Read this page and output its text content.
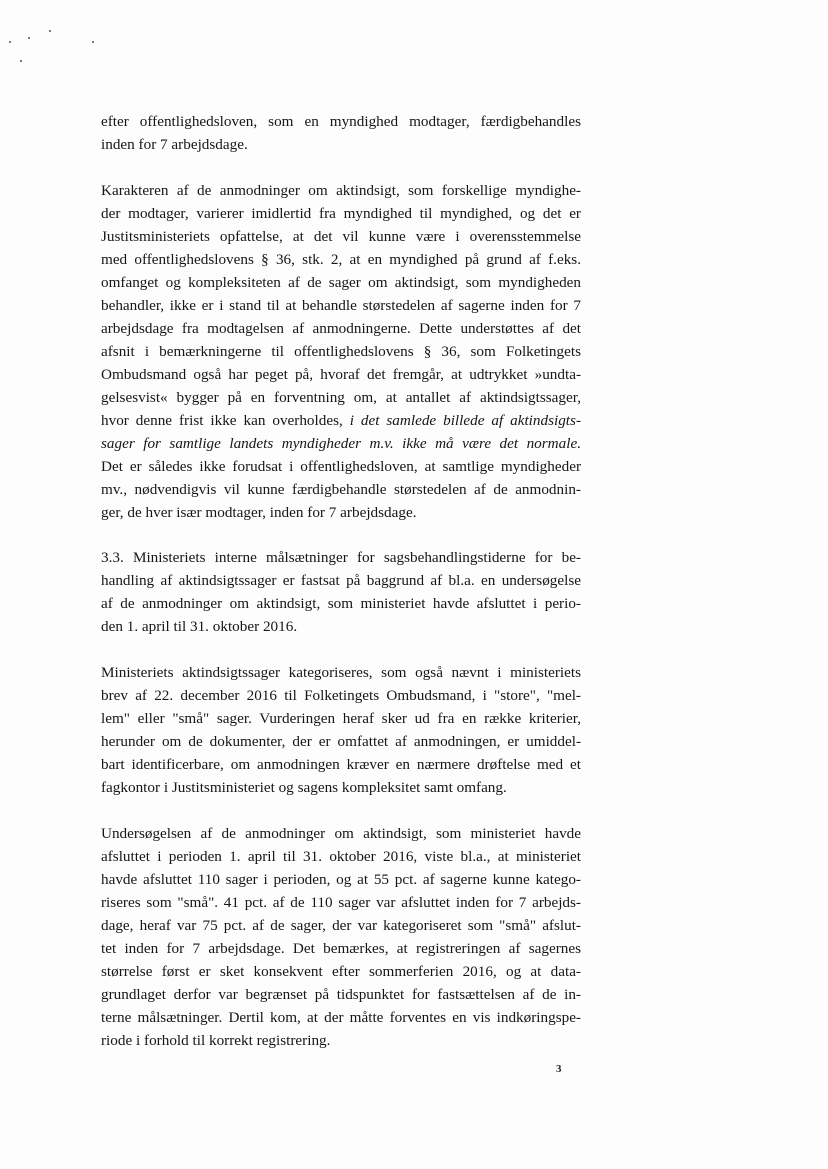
efter offentlighedsloven, som en myndighed modtager, færdigbehandles
inden for 7 arbejdsdage.
Karakteren af de anmodninger om aktindsigt, som forskellige myndighe-
der modtager, varierer imidlertid fra myndighed til myndighed, og det er
Justitsministeriets opfattelse, at det vil kunne være i overensstemmelse
med offentlighedslovens § 36, stk. 2, at en myndighed på grund af f.eks.
omfanget og kompleksiteten af de sager om aktindsigt, som myndigheden
behandler, ikke er i stand til at behandle størstedelen af sagerne inden for 7
arbejdsdage fra modtagelsen af anmodningerne. Dette understøttes af det
afsnit i bemærkningerne til offentlighedslovens § 36, som Folketingets
Ombudsmand også har peget på, hvoraf det fremgår, at udtrykket »undta-
gelsesvist« bygger på en forventning om, at antallet af aktindsigtssager,
hvor denne frist ikke kan overholdes, i det samlede billede af aktindsigts-
sager for samtlige landets myndigheder m.v. ikke må være det normale.
Det er således ikke forudsat i offentlighedsloven, at samtlige myndigheder
mv., nødvendigvis vil kunne færdigbehandle størstedelen af de anmodnin-
ger, de hver især modtager, inden for 7 arbejdsdage.
3.3. Ministeriets interne målsætninger for sagsbehandlingstiderne for be-
handling af aktindsigtssager er fastsat på baggrund af bl.a. en undersøgelse
af de anmodninger om aktindsigt, som ministeriet havde afsluttet i perio-
den 1. april til 31. oktober 2016.
Ministeriets aktindsigtssager kategoriseres, som også nævnt i ministeriets
brev af 22. december 2016 til Folketingets Ombudsmand, i "store", "mel-
lem" eller "små" sager. Vurderingen heraf sker ud fra en række kriterier,
herunder om de dokumenter, der er omfattet af anmodningen, er umiddel-
bart identificerbare, om anmodningen kræver en nærmere drøftelse med et
fagkontor i Justitsministeriet og sagens kompleksitet samt omfang.
Undersøgelsen af de anmodninger om aktindsigt, som ministeriet havde
afsluttet i perioden 1. april til 31. oktober 2016, viste bl.a., at ministeriet
havde afsluttet 110 sager i perioden, og at 55 pct. af sagerne kunne katego-
riseres som "små". 41 pct. af de 110 sager var afsluttet inden for 7 arbejds-
dage, heraf var 75 pct. af de sager, der var kategoriseret som "små" afslut-
tet inden for 7 arbejdsdage. Det bemærkes, at registreringen af sagernes
størrelse først er sket konsekvent efter sommerferien 2016, og at data-
grundlaget derfor var begrænset på tidspunktet for fastsættelsen af de in-
terne målsætninger. Dertil kom, at der måtte forventes en vis indkøringspe-
riode i forhold til korrekt registrering.
3
